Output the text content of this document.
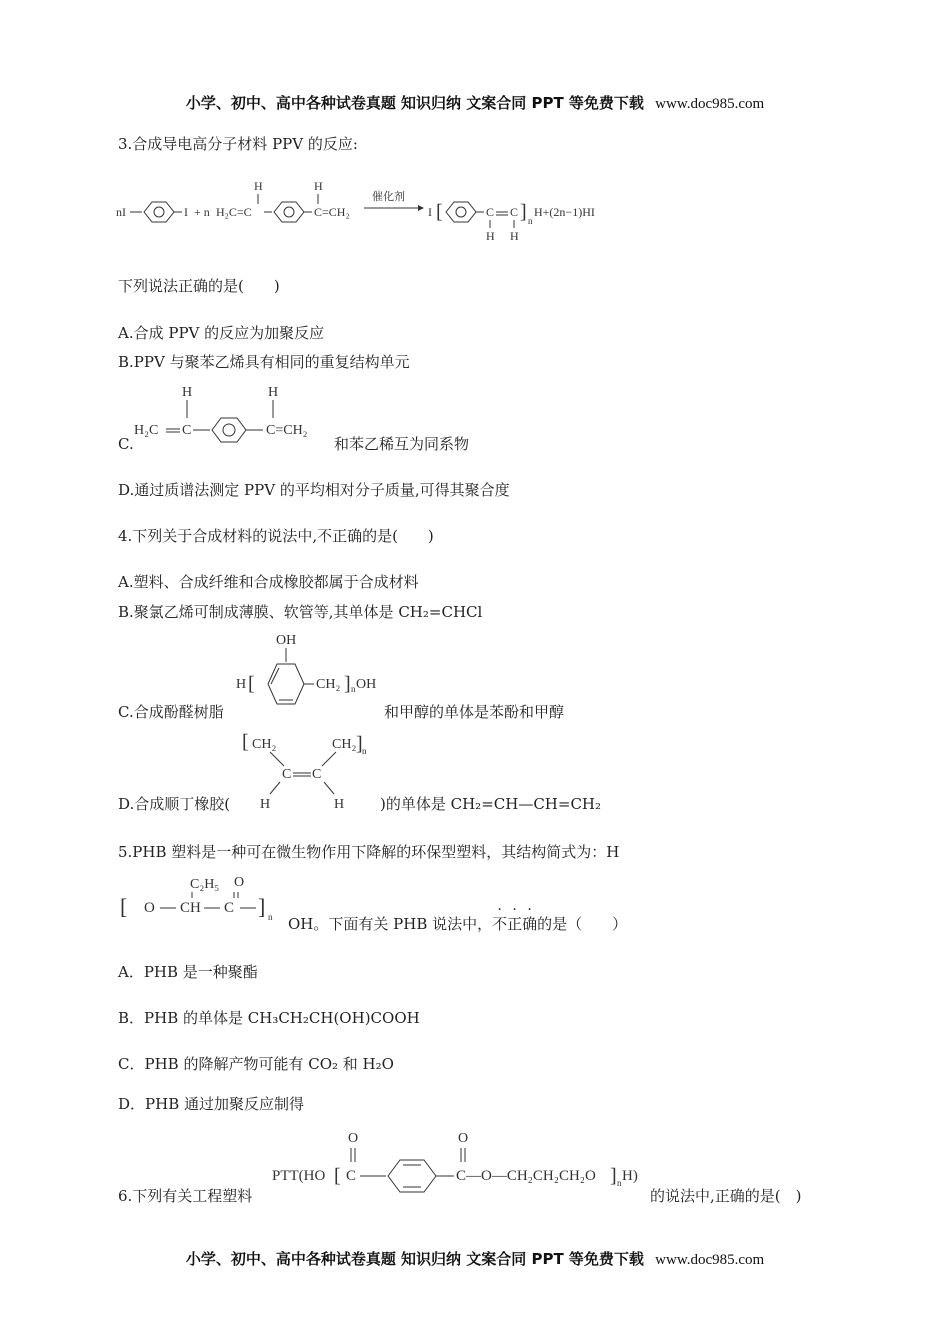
小学、初中、高中各种试卷真题 知识归纳 文案合同 PPT 等免费下载 www.doc985.com
小学、初中、高中各种试卷真题 知识归纳 文案合同 PPT 等免费下载 www.doc985.com
3.合成导电高分子材料 PPV 的反应:
nI	I + n H₂C=C
H	H
C=CH₂
催化剂
I [	C C
H H
] n
H+(2n−1)HI
下列说法正确的是(　　)
A.合成 PPV 的反应为加聚反应
B.PPV 与聚苯乙烯具有相同的重复结构单元
C.
H₂C C
H
C=CH₂
H
和苯乙稀互为同系物
D.通过质谱法测定 PPV 的平均相对分子质量,可得其聚合度
4.下列关于合成材料的说法中,不正确的是(　　)
A.塑料、合成纤维和合成橡胶都属于合成材料
B.聚氯乙烯可制成薄膜、软管等,其单体是 CH₂=CHCl
C.合成酚醛树脂
OH
H [	CH₂ ] n OH
和甲醇的单体是苯酚和甲醇
D.合成顺丁橡胶(
[ CH₂	CH₂ ] n
C C
H	H )的单体是 CH₂=CH—CH=CH₂
5.PHB 塑料是一种可在微生物作用下降解的环保型塑料，其结构简式为：H
[ O CH
C₂H₅
C
O
] n OH。下面有关 PHB 说法中，
·
不
·
正
·
确的是（　　）
A．PHB 是一种聚酯
B．PHB 的单体是 CH₃CH₂CH(OH)COOH
C．PHB 的降解产物可能有 CO₂ 和 H₂O
D．PHB 通过加聚反应制得
6.下列有关工程塑料
PTT(HO [ C
O	O
C—O—CH₂CH₂CH₂O ] n H)
的说法中,正确的是(　)
